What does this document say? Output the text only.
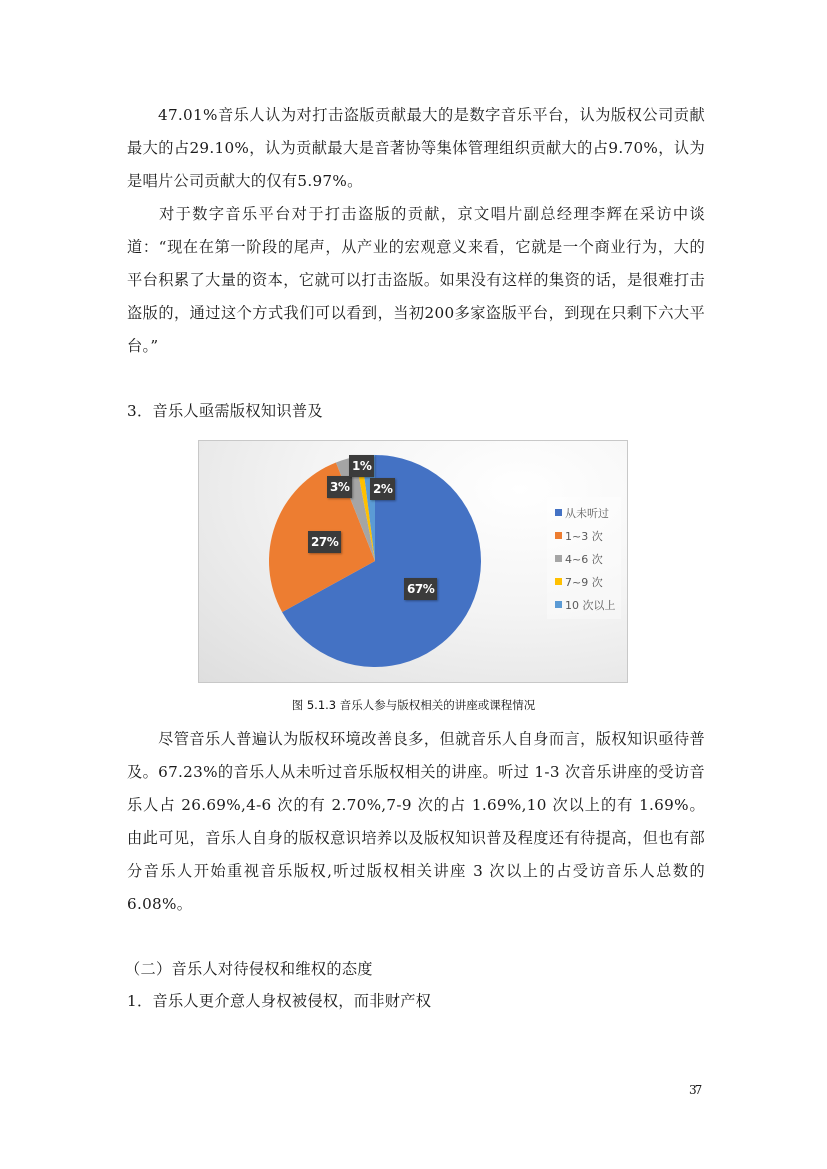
47.01%音乐人认为对打击盗版贡献最大的是数字音乐平台，认为版权公司贡献最大的占29.10%，认为贡献最大是音著协等集体管理组织贡献大的占9.70%，认为是唱片公司贡献大的仅有5.97%。
对于数字音乐平台对于打击盗版的贡献，京文唱片副总经理李辉在采访中谈道：“现在在第一阶段的尾声，从产业的宏观意义来看，它就是一个商业行为，大的平台积累了大量的资本，它就可以打击盗版。如果没有这样的集资的话，是很难打击盗版的，通过这个方式我们可以看到，当初200多家盗版平台，到现在只剩下六大平台。”
3．音乐人亟需版权知识普及
67%
27%
3%
1%
2%
从未听过
1~3 次
4~6 次
7~9 次
10 次以上
图 5.1.3 音乐人参与版权相关的讲座或课程情况
尽管音乐人普遍认为版权环境改善良多，但就音乐人自身而言，版权知识亟待普及。67.23%的音乐人从未听过音乐版权相关的讲座。听过 1-3 次音乐讲座的受访音乐人占 26.69%,4-6 次的有 2.70%,7-9 次的占 1.69%,10 次以上的有 1.69%。由此可见，音乐人自身的版权意识培养以及版权知识普及程度还有待提高，但也有部分音乐人开始重视音乐版权,听过版权相关讲座 3 次以上的占受访音乐人总数的 6.08%。
（二）音乐人对待侵权和维权的态度
1．音乐人更介意人身权被侵权，而非财产权
37
